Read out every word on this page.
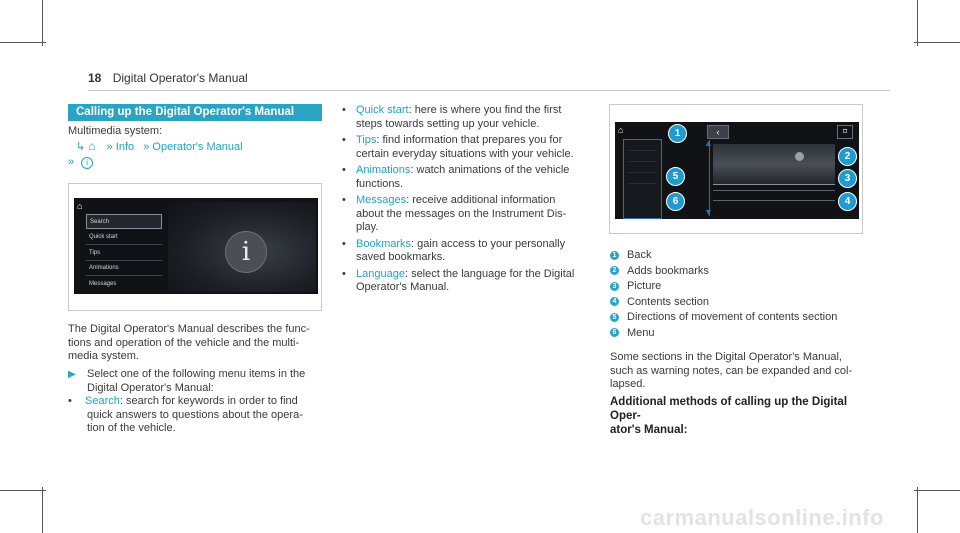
18 Digital Operator's Manual
Calling up the Digital Operator's Manual
Multimedia system:
↳ ⌂ » Info » Operator's Manual
» i
⌂
Search
Quick start
Tips
Animations
Messages
i
The Digital Operator's Manual describes the func-
tions and operation of the vehicle and the multi-
media system.
▶ Select one of the following menu items in the
Digital Operator's Manual:
• Search: search for keywords in order to find
quick answers to questions about the opera-
tion of the vehicle.
• Quick start: here is where you find the first
steps towards setting up your vehicle.
• Tips: find information that prepares you for
certain everyday situations with your vehicle.
• Animations: watch animations of the vehicle
functions.
• Messages: receive additional information
about the messages on the Instrument Dis-
play.
• Bookmarks: gain access to your personally
saved bookmarks.
• Language: select the language for the Digital
Operator's Manual.
⌂	‹	⌑
▲
▼
1
2
3
4
5
6
1 Back
2 Adds bookmarks
3 Picture
4 Contents section
5 Directions of movement of contents section
6 Menu
Some sections in the Digital Operator's Manual,
such as warning notes, can be expanded and col-
lapsed.
Additional methods of calling up the Digital Oper-
ator's Manual:
carmanualsonline.info
